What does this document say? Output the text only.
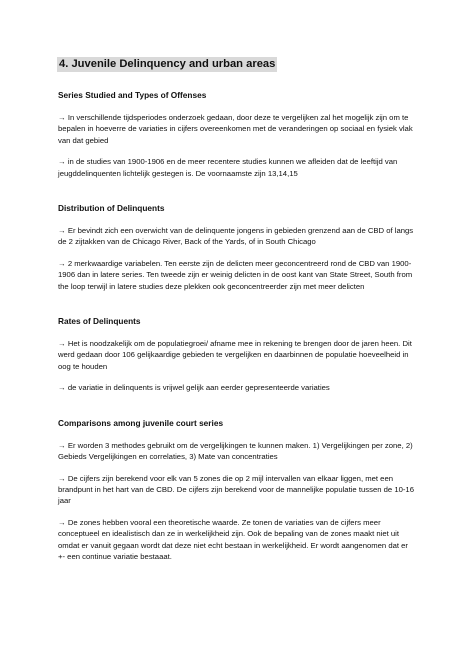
4. Juvenile Delinquency and urban areas
Series Studied and Types of Offenses

→ In verschillende tijdsperiodes onderzoek gedaan, door deze te vergelijken zal het mogelijk zijn om te bepalen in hoeverre de variaties in cijfers overeenkomen met de veranderingen op sociaal en fysiek vlak van dat gebied

→ in de studies van 1900-1906 en de meer recentere studies kunnen we afleiden dat de leeftijd van jeugddelinquenten lichtelijk gestegen is. De voornaamste zijn 13,14,15

Distribution of Delinquents

→ Er bevindt zich een overwicht van de delinquente jongens in gebieden grenzend aan de CBD of langs de 2 zijtakken van de Chicago River, Back of the Yards, of in South Chicago

→ 2 merkwaardige variabelen. Ten eerste zijn de delicten meer geconcentreerd rond de CBD van 1900-1906 dan in latere series. Ten tweede zijn er weinig delicten in de oost kant van State Street, South from the loop terwijl in latere studies deze plekken ook geconcentreerder zijn met meer delicten

Rates of Delinquents

→ Het is noodzakelijk om de populatiegroei/ afname mee in rekening te brengen door de jaren heen. Dit werd gedaan door 106 gelijkaardige gebieden te vergelijken en daarbinnen de populatie hoeveelheid in oog te houden

→ de variatie in delinquents is vrijwel gelijk aan eerder gepresenteerde variaties

Comparisons among juvenile court series

→ Er worden 3 methodes gebruikt om de vergelijkingen te kunnen maken. 1) Vergelijkingen per zone, 2) Gebieds Vergelijkingen en correlaties, 3) Mate van concentraties

→ De cijfers zijn berekend voor elk van 5 zones die op 2 mijl intervallen van elkaar liggen, met een brandpunt in het hart van de CBD. De cijfers zijn berekend voor de mannelijke populatie tussen de 10-16 jaar

→ De zones hebben vooral een theoretische waarde. Ze tonen de variaties van de cijfers meer conceptueel en idealistisch dan ze in werkelijkheid zijn. Ook de bepaling van de zones maakt niet uit omdat er vanuit gegaan wordt dat deze niet echt bestaan in werkelijkheid. Er wordt aangenomen dat er +- een continue variatie bestaaat.
